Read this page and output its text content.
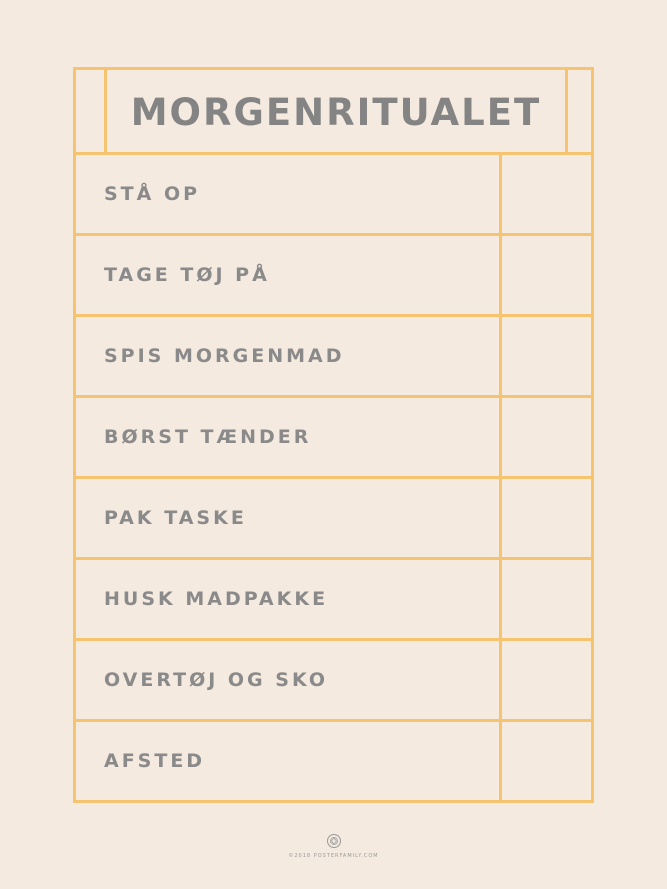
MORGENRITUALET
STÅ OP
TAGE TØJ PÅ
SPIS MORGENMAD
BØRST TÆNDER
PAK TASKE
HUSK MADPAKKE
OVERTØJ OG SKO
AFSTED
©2018 POSTERFAMILY.COM
